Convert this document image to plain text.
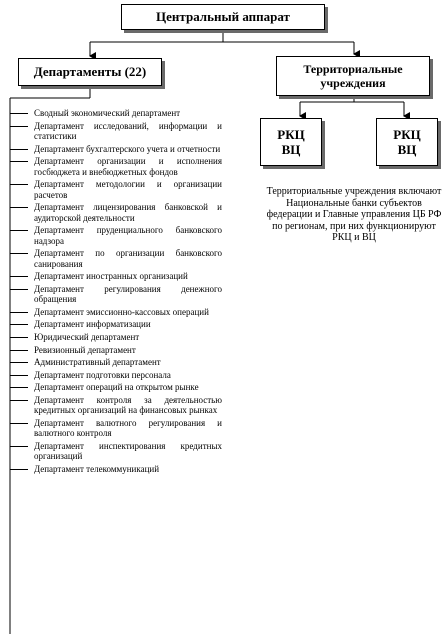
Центральный аппарат
Департаменты (22)	Территориальные учреждения
РКЦ
ВЦ
РКЦ
ВЦ
Территориальные учреждения включают Национальные банки субъектов федерации и Главные управления ЦБ РФ по регионам, при них функционируют РКЦ и ВЦ
Сводный экономический департамент
Департамент исследований, информации и статистики
Департамент бухгалтерского учета и отчетности
Департамент организации и исполнения госбюджета и внебюджетных фондов
Департамент методологии и организации расчетов
Департамент лицензирования банковской и аудиторской деятельности
Департамент пруденциального банковского надзора
Департамент по организации банковского санирования
Департамент иностранных организаций
Департамент регулирования денежного обращения
Департамент эмиссионно-кассовых операций
Департамент информатизации
Юридический департамент
Ревизионный департамент
Административный департамент
Департамент подготовки персонала
Департамент операций на открытом рынке
Департамент контроля за деятельностью кредитных организаций на финансовых рынках
Департамент валютного регулирования и валютного контроля
Департамент инспектирования кредитных организаций
Департамент телекоммуникаций
